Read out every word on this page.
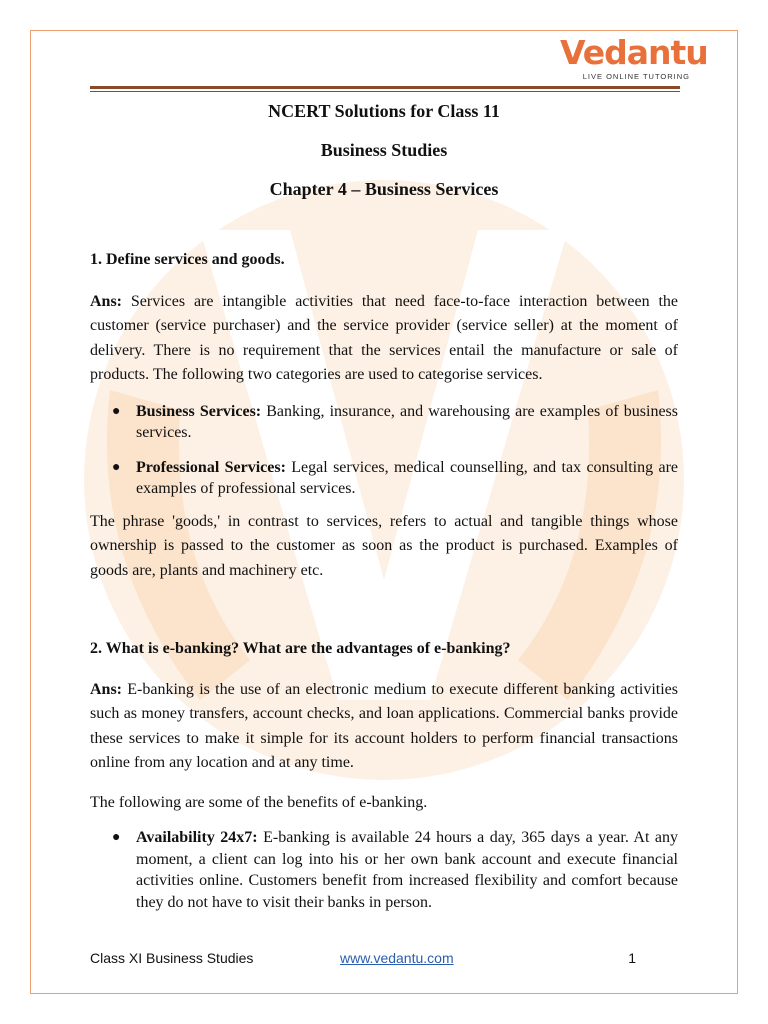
Vedantu
LIVE ONLINE TUTORING
NCERT Solutions for Class 11
Business Studies
Chapter 4 – Business Services
1. Define services and goods.

Ans: Services are intangible activities that need face-to-face interaction between the customer (service purchaser) and the service provider (service seller) at the moment of delivery. There is no requirement that the services entail the manufacture or sale of products. The following two categories are used to categorise services.

● Business Services: Banking, insurance, and warehousing are examples of business services.
● Professional Services: Legal services, medical counselling, and tax consulting are examples of professional services.

The phrase 'goods,' in contrast to services, refers to actual and tangible things whose ownership is passed to the customer as soon as the product is purchased. Examples of goods are, plants and machinery etc.

2. What is e-banking? What are the advantages of e-banking?

Ans: E-banking is the use of an electronic medium to execute different banking activities such as money transfers, account checks, and loan applications. Commercial banks provide these services to make it simple for its account holders to perform financial transactions online from any location and at any time.

The following are some of the benefits of e-banking.

● Availability 24x7: E-banking is available 24 hours a day, 365 days a year. At any moment, a client can log into his or her own bank account and execute financial activities online. Customers benefit from increased flexibility and comfort because they do not have to visit their banks in person.
Class XI Business Studies	www.vedantu.com	1
